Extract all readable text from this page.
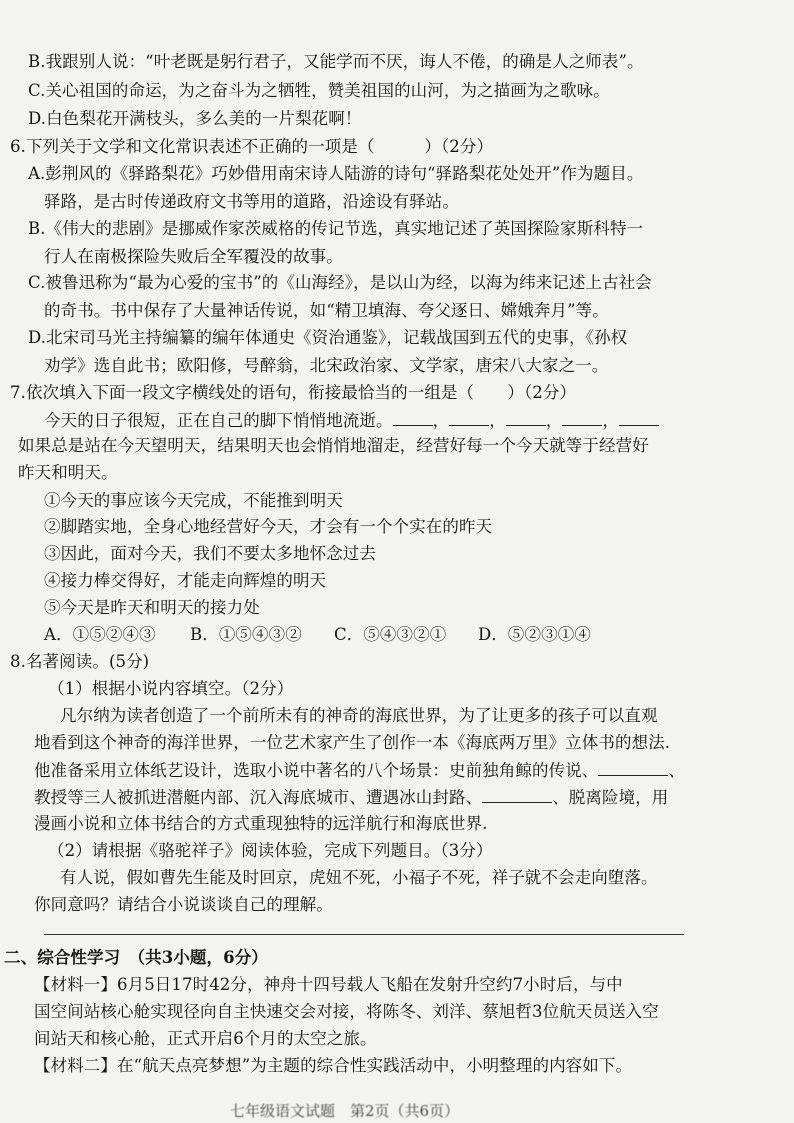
B.我跟别人说：“叶老既是躬行君子，又能学而不厌，诲人不倦，的确是人之师表”。
C.关心祖国的命运，为之奋斗为之牺牲，赞美祖国的山河，为之描画为之歌咏。
D.白色梨花开满枝头，多么美的一片梨花啊！
6.下列关于文学和文化常识表述不正确的一项是（　　　）（2分）
A.彭荆风的《驿路梨花》巧妙借用南宋诗人陆游的诗句“驿路梨花处处开”作为题目。
驿路，是古时传递政府文书等用的道路，沿途设有驿站。
B.《伟大的悲剧》是挪威作家茨威格的传记节选，真实地记述了英国探险家斯科特一
行人在南极探险失败后全军覆没的故事。
C.被鲁迅称为“最为心爱的宝书”的《山海经》，是以山为经，以海为纬来记述上古社会
的奇书。书中保存了大量神话传说，如“精卫填海、夸父逐日、嫦娥奔月”等。
D.北宋司马光主持编纂的编年体通史《资治通鉴》，记载战国到五代的史事，《孙权
劝学》选自此书；欧阳修，号醉翁，北宋政治家、文学家，唐宋八大家之一。
7.依次填入下面一段文字横线处的语句，衔接最恰当的一组是（　　）（2分）
今天的日子很短，正在自己的脚下悄悄地流逝。 ， ， ， ，
如果总是站在今天望明天，结果明天也会悄悄地溜走，经营好每一个今天就等于经营好
昨天和明天。
①今天的事应该今天完成，不能推到明天
②脚踏实地，全身心地经营好今天，才会有一个个实在的昨天
③因此，面对今天，我们不要太多地怀念过去
④接力棒交得好，才能走向辉煌的明天
⑤今天是昨天和明天的接力处
A．①⑤②④③ B．①⑤④③② C．⑤④③②① D．⑤②③①④
8.名著阅读。(5分)
（1）根据小说内容填空。（2分）
凡尔纳为读者创造了一个前所未有的神奇的海底世界，为了让更多的孩子可以直观
地看到这个神奇的海洋世界，一位艺术家产生了创作一本《海底两万里》立体书的想法.
他准备采用立体纸艺设计，选取小说中著名的八个场景：史前独角鲸的传说、	、
教授等三人被抓进潜艇内部、沉入海底城市、遭遇冰山封路、	、脱离险境，用
漫画小说和立体书结合的方式重现独特的远洋航行和海底世界.
（2）请根据《骆驼祥子》阅读体验，完成下列题目。（3分）
有人说，假如曹先生能及时回京，虎妞不死，小福子不死，祥子就不会走向堕落。
你同意吗？请结合小说谈谈自己的理解。
二、综合性学习　（共3小题，6分）
【材料一】6月5日17时42分，神舟十四号载人飞船在发射升空约7小时后，与中
国空间站核心舱实现径向自主快速交会对接，将陈冬、刘洋、蔡旭哲3位航天员送入空
间站天和核心舱，正式开启6个月的太空之旅。
【材料二】在“航天点亮梦想”为主题的综合性实践活动中，小明整理的内容如下。
七年级语文试题　第2页（共6页）
